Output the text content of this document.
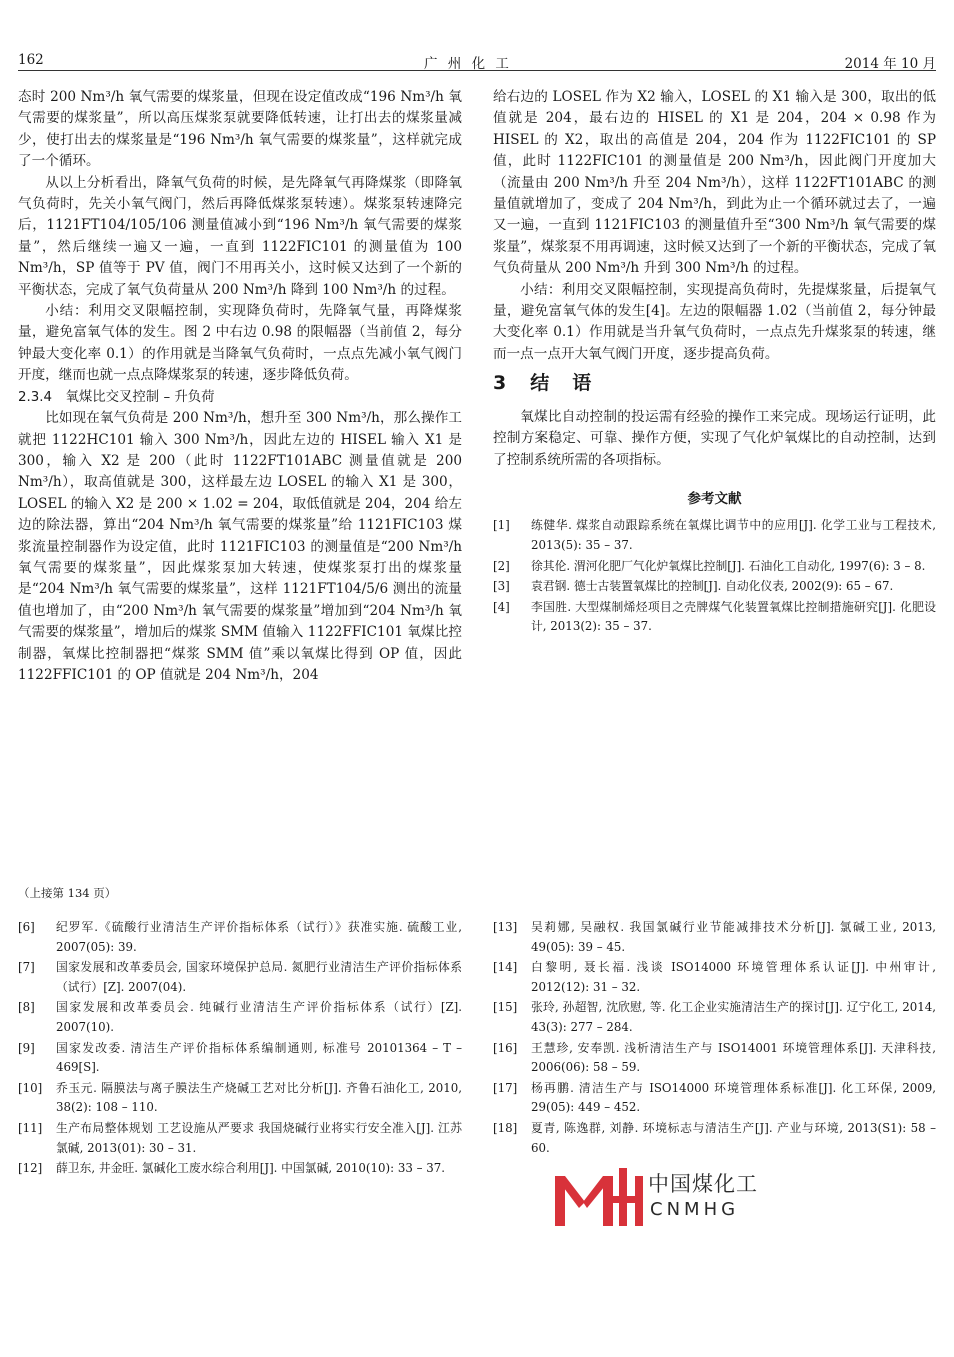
162	广 州 化 工	2014 年 10 月

态时 200 Nm³/h 氧气需要的煤浆量，但现在设定值改成“196 Nm³/h 氧气需要的煤浆量”，所以高压煤浆泵就要降低转速，让打出去的煤浆量减少，使打出去的煤浆量是“196 Nm³/h 氧气需要的煤浆量”，这样就完成了一个循环。

从以上分析看出，降氧气负荷的时候，是先降氧气再降煤浆（即降氧气负荷时，先关小氧气阀门，然后再降低煤浆泵转速）。煤浆泵转速降完后，1121FT104/105/106 测量值减小到“196 Nm³/h 氧气需要的煤浆量”，然后继续一遍又一遍，一直到 1122FIC101 的测量值为 100 Nm³/h，SP 值等于 PV 值，阀门不用再关小，这时候又达到了一个新的平衡状态，完成了氧气负荷量从 200 Nm³/h 降到 100 Nm³/h 的过程。

小结：利用交叉限幅控制，实现降负荷时，先降氧气量，再降煤浆量，避免富氧气体的发生。图 2 中右边 0.98 的限幅器（当前值 2，每分钟最大变化率 0.1）的作用就是当降氧气负荷时，一点点先减小氧气阀门开度，继而也就一点点降煤浆泵的转速，逐步降低负荷。

2.3.4　氧煤比交叉控制 – 升负荷

比如现在氧气负荷是 200 Nm³/h，想升至 300 Nm³/h，那么操作工就把 1122HC101 输入 300 Nm³/h，因此左边的 HISEL 输入 X1 是 300，输入 X2 是 200（此时 1122FT101ABC 测量值就是 200 Nm³/h），取高值就是 300，这样最左边 LOSEL 的输入 X1 是 300，LOSEL 的输入 X2 是 200 × 1.02 = 204，取低值就是 204，204 给左边的除法器，算出“204 Nm³/h 氧气需要的煤浆量”给 1121FIC103 煤浆流量控制器作为设定值，此时 1121FIC103 的测量值是“200 Nm³/h 氧气需要的煤浆量”，因此煤浆泵加大转速，使煤浆泵打出的煤浆量是“204 Nm³/h 氧气需要的煤浆量”，这样 1121FT104/5/6 测出的流量值也增加了，由“200 Nm³/h 氧气需要的煤浆量”增加到“204 Nm³/h 氧气需要的煤浆量”，增加后的煤浆 SMM 值输入 1122FFIC101 氧煤比控制器，氧煤比控制器把“煤浆 SMM 值”乘以氧煤比得到 OP 值，因此 1122FFIC101 的 OP 值就是 204 Nm³/h，204

给右边的 LOSEL 作为 X2 输入，LOSEL 的 X1 输入是 300，取出的低值就是 204，最右边的 HISEL 的 X1 是 204，204 × 0.98 作为 HISEL 的 X2，取出的高值是 204，204 作为 1122FIC101 的 SP 值，此时 1122FIC101 的测量值是 200 Nm³/h，因此阀门开度加大（流量由 200 Nm³/h 升至 204 Nm³/h），这样 1122FT101ABC 的测量值就增加了，变成了 204 Nm³/h，到此为止一个循环就过去了，一遍又一遍，一直到 1121FIC103 的测量值升至“300 Nm³/h 氧气需要的煤浆量”，煤浆泵不用再调速，这时候又达到了一个新的平衡状态，完成了氧气负荷量从 200 Nm³/h 升到 300 Nm³/h 的过程。

小结：利用交叉限幅控制，实现提高负荷时，先提煤浆量，后提氧气量，避免富氧气体的发生[4]。左边的限幅器 1.02（当前值 2，每分钟最大变化率 0.1）作用就是当升氧气负荷时，一点点先升煤浆泵的转速，继而一点一点开大氧气阀门开度，逐步提高负荷。

3 结　语

氧煤比自动控制的投运需有经验的操作工来完成。现场运行证明，此控制方案稳定、可靠、操作方便，实现了气化炉氧煤比的自动控制，达到了控制系统所需的各项指标。

参考文献
[1]	练健华. 煤浆自动跟踪系统在氧煤比调节中的应用[J]. 化学工业与工程技术, 2013(5): 35 – 37.
[2]	徐其伦. 渭河化肥厂气化炉氧煤比控制[J]. 石油化工自动化, 1997(6): 3 – 8.
[3]	袁君钢. 德士古装置氧煤比的控制[J]. 自动化仪表, 2002(9): 65 – 67.
[4]	李国胜. 大型煤制烯烃项目之壳牌煤气化装置氧煤比控制措施研究[J]. 化肥设计, 2013(2): 35 – 37.
（上接第 134 页）
[6]	纪罗军.《硫酸行业清洁生产评价指标体系（试行）》获准实施. 硫酸工业, 2007(05): 39.
[7]	国家发展和改革委员会, 国家环境保护总局. 氮肥行业清洁生产评价指标体系（试行）[Z]. 2007(04).
[8]	国家发展和改革委员会. 纯碱行业清洁生产评价指标体系（试行）[Z]. 2007(10).
[9]	国家发改委. 清洁生产评价指标体系编制通则, 标准号 20101364 – T – 469[S].
[10]	乔玉元. 隔膜法与离子膜法生产烧碱工艺对比分析[J]. 齐鲁石油化工, 2010, 38(2): 108 – 110.
[11]	生产布局整体规划 工艺设施从严要求 我国烧碱行业将实行安全准入[J]. 江苏氯碱, 2013(01): 30 – 31.
[12]	薛卫东, 井金旺. 氯碱化工废水综合利用[J]. 中国氯碱, 2010(10): 33 – 37.
[13]	吴莉娜, 吴融权. 我国氯碱行业节能减排技术分析[J]. 氯碱工业, 2013, 49(05): 39 – 45.
[14]	白黎明, 聂长福. 浅谈 ISO14000 环境管理体系认证[J]. 中州审计, 2012(12): 31 – 32.
[15]	张玲, 孙超智, 沈欣慰, 等. 化工企业实施清洁生产的探讨[J]. 辽宁化工, 2014, 43(3): 277 – 284.
[16]	王慧珍, 安奉凯. 浅析清洁生产与 ISO14001 环境管理体系[J]. 天津科技, 2006(06): 58 – 59.
[17]	杨再鹏. 清洁生产与 ISO14000 环境管理体系标准[J]. 化工环保, 2009, 29(05): 449 – 452.
[18]	夏青, 陈逸群, 刘静. 环境标志与清洁生产[J]. 产业与环境, 2013(S1): 58 – 60.
中国煤化工
CNMHG
